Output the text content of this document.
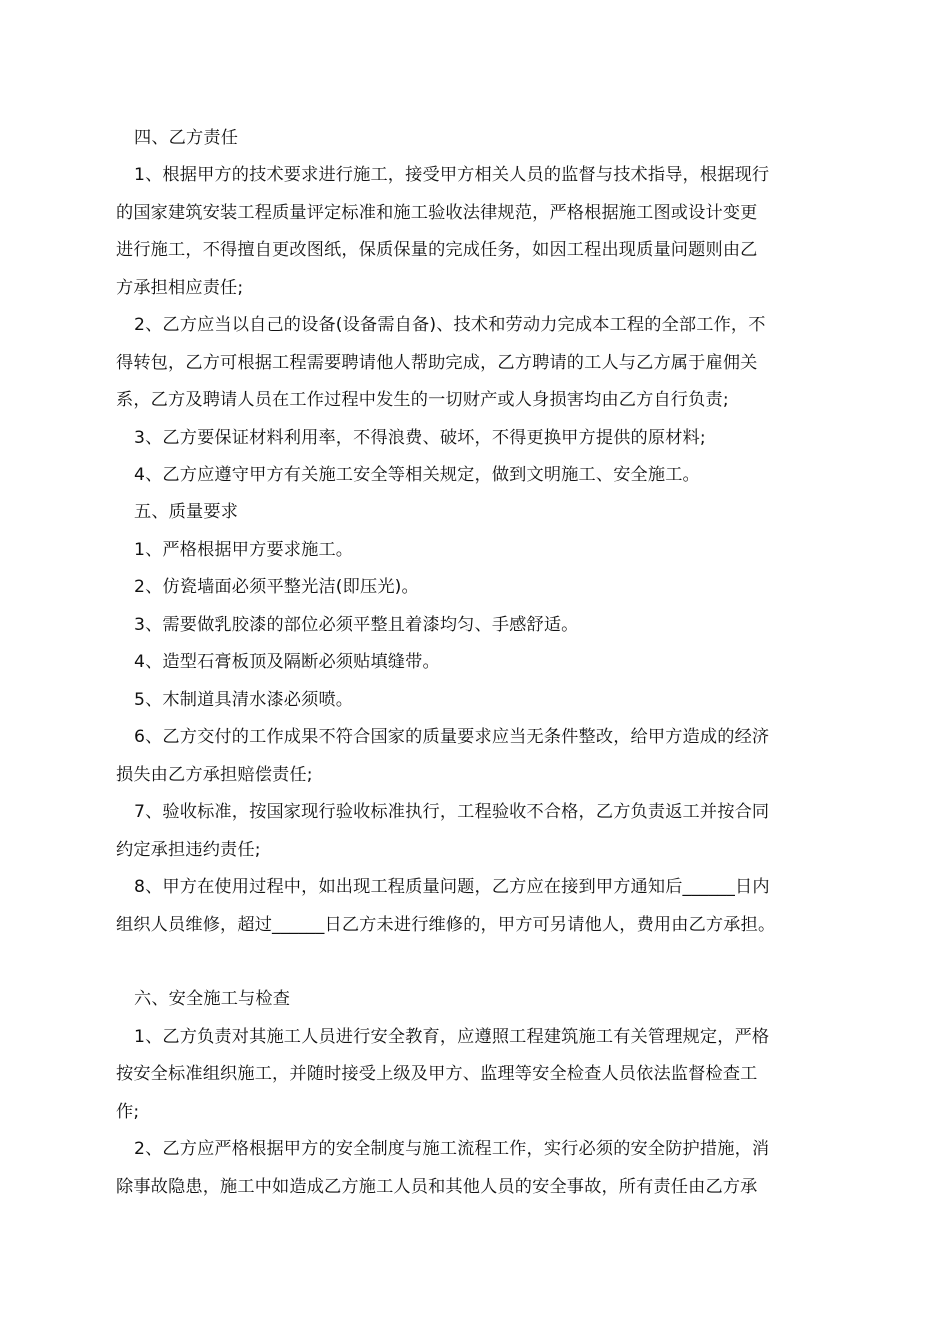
四、乙方责任
1、根据甲方的技术要求进行施工，接受甲方相关人员的监督与技术指导，根据现行
的国家建筑安装工程质量评定标准和施工验收法律规范，严格根据施工图或设计变更
进行施工，不得擅自更改图纸，保质保量的完成任务，如因工程出现质量问题则由乙
方承担相应责任;
2、乙方应当以自己的设备(设备需自备)、技术和劳动力完成本工程的全部工作，不
得转包，乙方可根据工程需要聘请他人帮助完成，乙方聘请的工人与乙方属于雇佣关
系，乙方及聘请人员在工作过程中发生的一切财产或人身损害均由乙方自行负责;
3、乙方要保证材料利用率，不得浪费、破坏，不得更换甲方提供的原材料;
4、乙方应遵守甲方有关施工安全等相关规定，做到文明施工、安全施工。
五、质量要求
1、严格根据甲方要求施工。
2、仿瓷墙面必须平整光洁(即压光)。
3、需要做乳胶漆的部位必须平整且着漆均匀、手感舒适。
4、造型石膏板顶及隔断必须贴填缝带。
5、木制道具清水漆必须喷。
6、乙方交付的工作成果不符合国家的质量要求应当无条件整改，给甲方造成的经济
损失由乙方承担赔偿责任;
7、验收标准，按国家现行验收标准执行，工程验收不合格，乙方负责返工并按合同
约定承担违约责任;
8、甲方在使用过程中，如出现工程质量问题，乙方应在接到甲方通知后______日内
组织人员维修，超过______日乙方未进行维修的，甲方可另请他人，费用由乙方承担。
六、安全施工与检查
1、乙方负责对其施工人员进行安全教育，应遵照工程建筑施工有关管理规定，严格
按安全标准组织施工，并随时接受上级及甲方、监理等安全检查人员依法监督检查工
作;
2、乙方应严格根据甲方的安全制度与施工流程工作，实行必须的安全防护措施，消
除事故隐患，施工中如造成乙方施工人员和其他人员的安全事故，所有责任由乙方承
